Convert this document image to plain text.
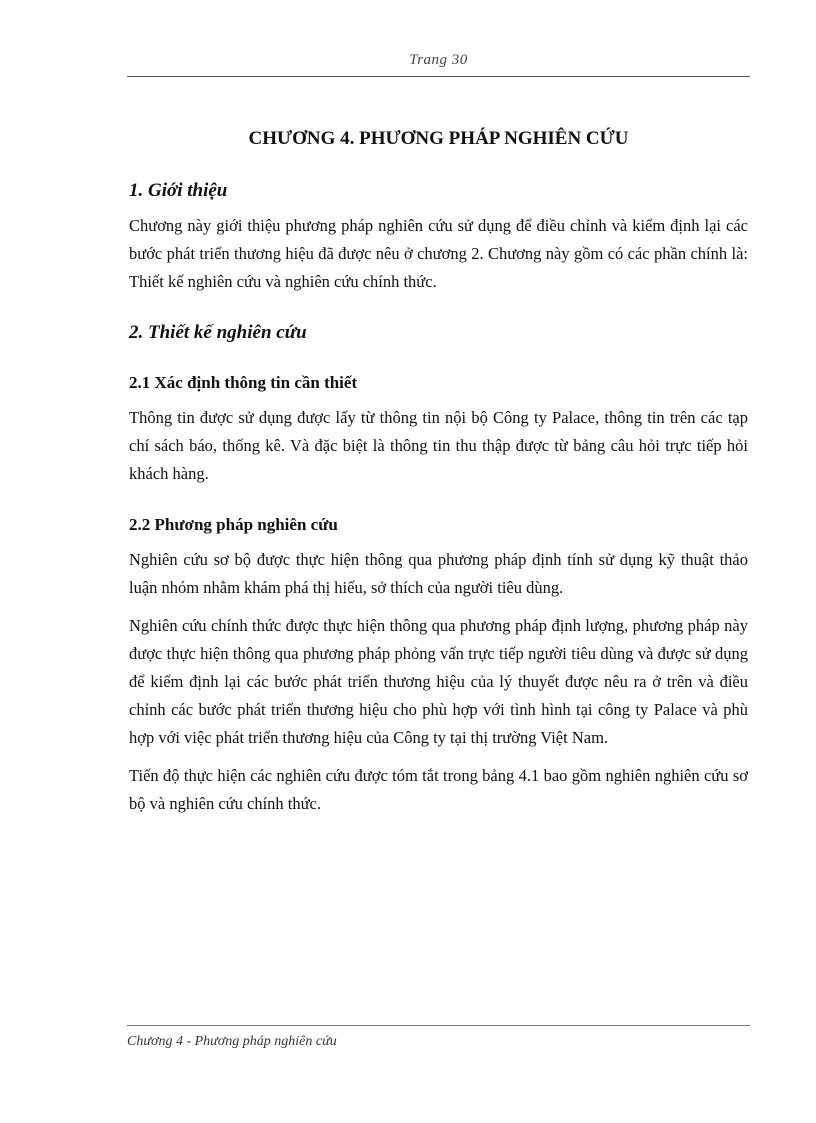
Trang 30
CHƯƠNG 4. PHƯƠNG PHÁP NGHIÊN CỨU
1. Giới thiệu

Chương này giới thiệu phương pháp nghiên cứu sử dụng để điều chỉnh và kiểm định lại các bước phát triển thương hiệu đã được nêu ở chương 2. Chương này gồm có các phần chính là: Thiết kế nghiên cứu và nghiên cứu chính thức.

2. Thiết kế nghiên cứu
2.1 Xác định thông tin cần thiết

Thông tin được sử dụng được lấy từ thông tin nội bộ Công ty Palace, thông tin trên các tạp chí sách báo, thống kê. Và đặc biệt là thông tin thu thập được từ bảng câu hỏi trực tiếp hỏi khách hàng.

2.2 Phương pháp nghiên cứu

Nghiên cứu sơ bộ được thực hiện thông qua phương pháp định tính sử dụng kỹ thuật thảo luận nhóm nhằm khám phá thị hiếu, sở thích của người tiêu dùng.

Nghiên cứu chính thức được thực hiện thông qua phương pháp định lượng, phương pháp này được thực hiện thông qua phương pháp phỏng vấn trực tiếp người tiêu dùng và được sử dụng để kiểm định lại các bước phát triển thương hiệu của lý thuyết được nêu ra ở trên và điều chỉnh các bước phát triển thương hiệu cho phù hợp với tình hình tại công ty Palace và phù hợp với việc phát triển thương hiệu của Công ty tại thị trường Việt Nam.

Tiến độ thực hiện các nghiên cứu được tóm tắt trong bảng 4.1 bao gồm nghiên nghiên cứu sơ bộ và nghiên cứu chính thức.

Chương 4 - Phương pháp nghiên cứu
